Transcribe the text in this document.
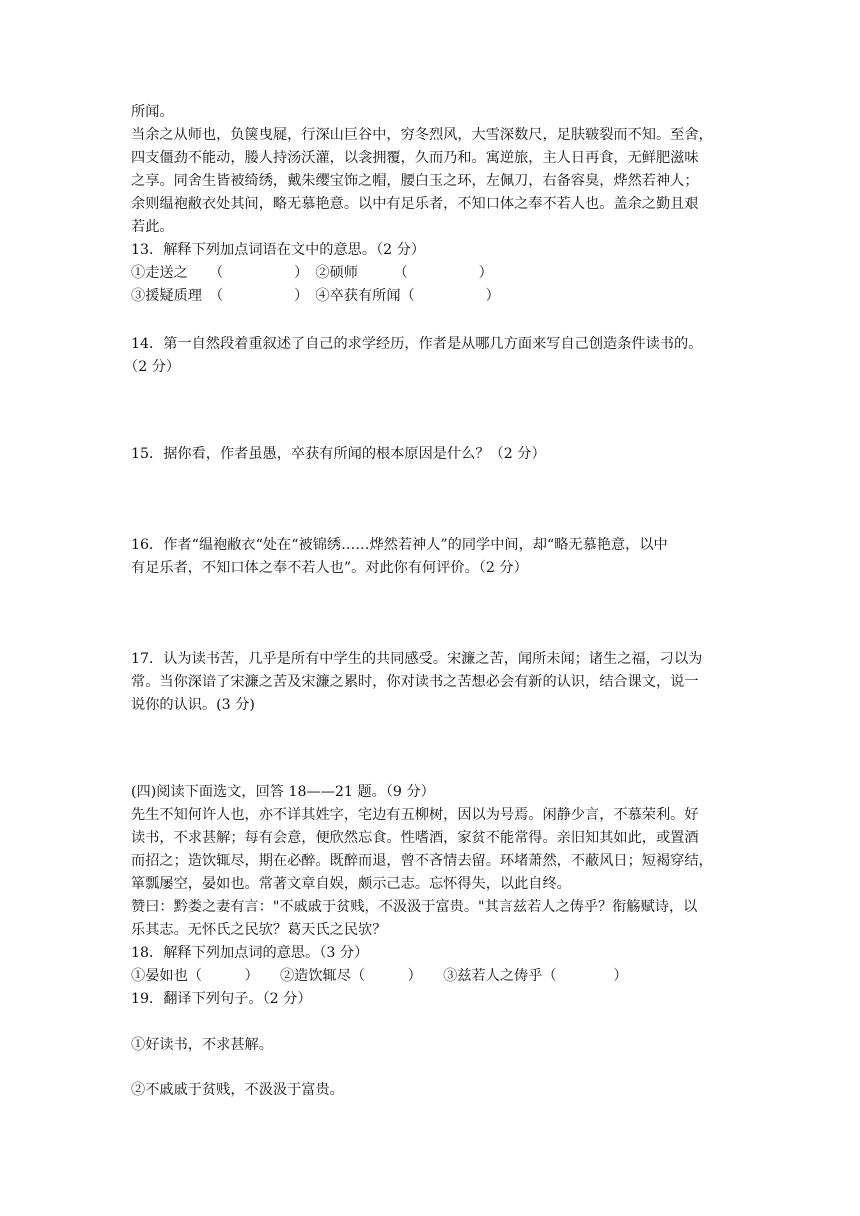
所闻。
当余之从师也，负箧曳屣，行深山巨谷中，穷冬烈风，大雪深数尺，足肤皲裂而不知。至舍，
四支僵劲不能动，媵人持汤沃灌，以衾拥覆，久而乃和。寓逆旅，主人日再食，无鲜肥滋味
之享。同舍生皆被绮绣，戴朱缨宝饰之帽，腰白玉之环，左佩刀，右备容臭，烨然若神人；
余则缊袍敝衣处其间，略无慕艳意。以中有足乐者，不知口体之奉不若人也。盖余之勤且艰
若此。
13．解释下列加点词语在文中的意思。（2 分）
①走送之　　（　　　　　）　②硕师　　　（　　　　　）
③援疑质理　（　　　　　）　④卒获有所闻（　　　　　）
14．第一自然段着重叙述了自己的求学经历，作者是从哪几方面来写自己创造条件读书的。
（2 分）
15．据你看，作者虽愚，卒获有所闻的根本原因是什么？（2 分）
16．作者“缊袍敝衣“处在“被锦绣……烨然若神人”的同学中间，却“略无慕艳意，以中
有足乐者，不知口体之奉不若人也”。对此你有何评价。（2 分）
17．认为读书苦，几乎是所有中学生的共同感受。宋濂之苦，闻所未闻；诸生之福，刁以为
常。当你深谙了宋濂之苦及宋濂之累时，你对读书之苦想必会有新的认识，结合课文，说一
说你的认识。(3 分)
(四)阅读下面选文，回答 18——21 题。（9 分）
先生不知何许人也，亦不详其姓字，宅边有五柳树，因以为号焉。闲静少言，不慕荣利。好
读书，不求甚解；每有会意，便欣然忘食。性嗜酒，家贫不能常得。亲旧知其如此，或置酒
而招之；造饮辄尽，期在必醉。既醉而退，曾不吝情去留。环堵萧然，不蔽风日；短褐穿结，
箪瓢屡空，晏如也。常著文章自娱，颇示己志。忘怀得失，以此自终。
赞曰：黔娄之妻有言："不戚戚于贫贱，不汲汲于富贵。"其言兹若人之俦乎？衔觞赋诗，以
乐其志。无怀氏之民欤？葛天氏之民欤？
18．解释下列加点词的意思。（3 分）
①晏如也（　　　）　　②造饮辄尽（　　　）　　③兹若人之俦乎（　　　　）
19．翻译下列句子。（2 分）
①好读书，不求甚解。
②不戚戚于贫贱，不汲汲于富贵。
